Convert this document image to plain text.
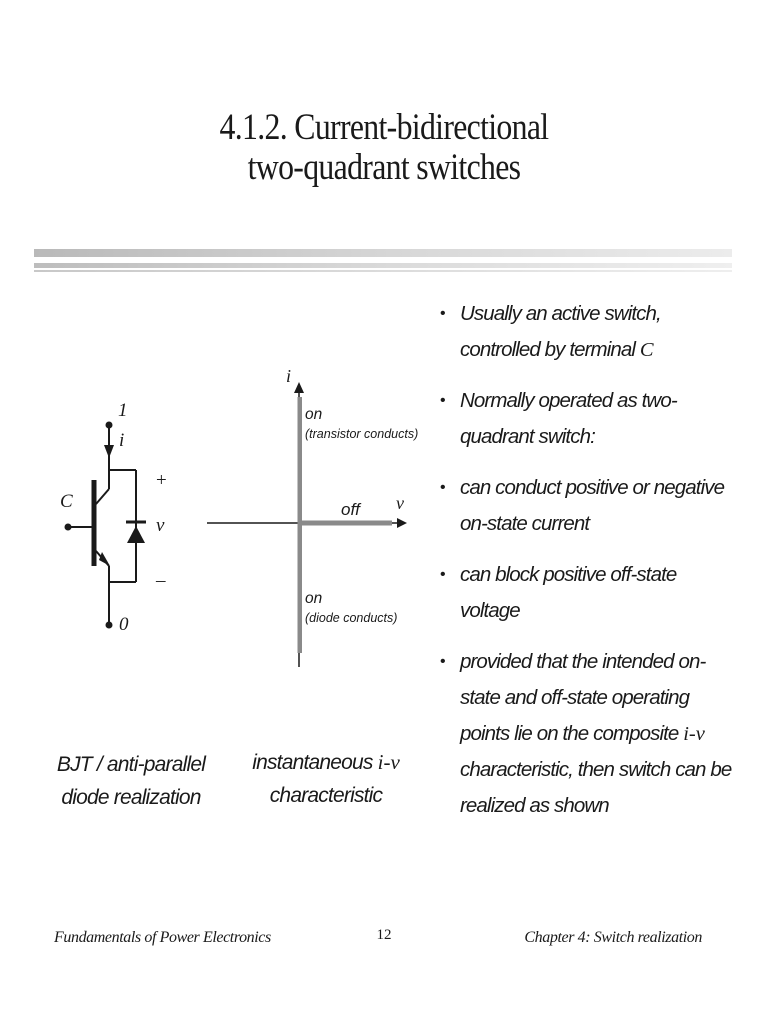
4.1.2. Current-bidirectional
two-quadrant switches
1
i
C
v
0
+
–
i
v
on
(transistor conducts)
off
on
(diode conducts)
BJT / anti-parallel
diode realization
instantaneous i-v
characteristic
• Usually an active switch, controlled by terminal C
• Normally operated as two-quadrant switch:
• can conduct positive or negative on-state current
• can block positive off-state voltage
• provided that the intended on-state and off-state operating points lie on the composite i-v characteristic, then switch can be realized as shown
Fundamentals of Power Electronics	12	Chapter 4: Switch realization
